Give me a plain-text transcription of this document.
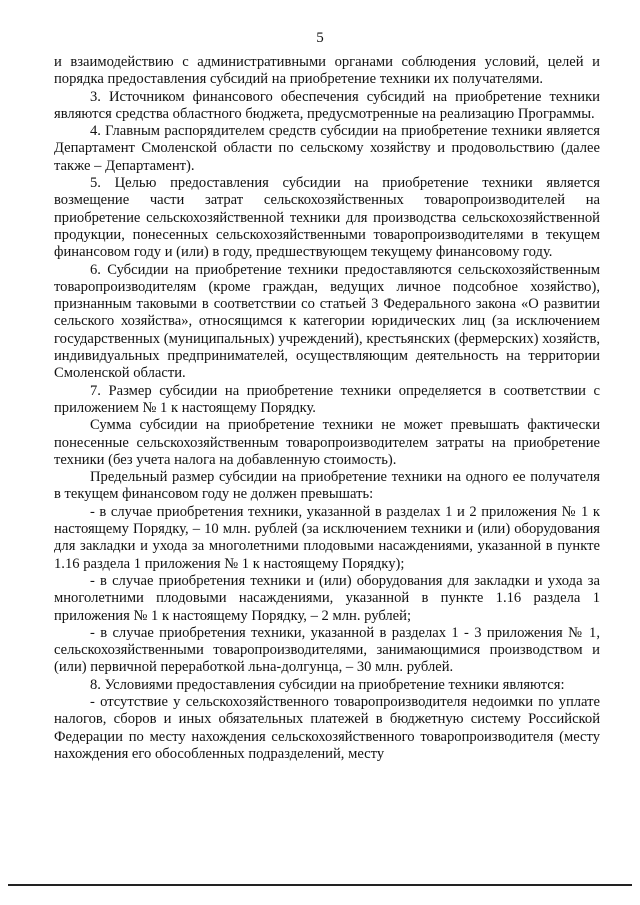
5

и взаимодействию с административными органами соблюдения условий, целей и порядка предоставления субсидий на приобретение техники их получателями.

3. Источником финансового обеспечения субсидий на приобретение техники являются средства областного бюджета, предусмотренные на реализацию Программы.

4. Главным распорядителем средств субсидии на приобретение техники является Департамент Смоленской области по сельскому хозяйству и продовольствию (далее также – Департамент).

5. Целью предоставления субсидии на приобретение техники является возмещение части затрат сельскохозяйственных товаропроизводителей на приобретение сельскохозяйственной техники для производства сельскохозяйственной продукции, понесенных сельскохозяйственными товаропроизводителями в текущем финансовом году и (или) в году, предшествующем текущему финансовому году.

6. Субсидии на приобретение техники предоставляются сельскохозяйственным товаропроизводителям (кроме граждан, ведущих личное подсобное хозяйство), признанным таковыми в соответствии со статьей 3 Федерального закона «О развитии сельского хозяйства», относящимся к категории юридических лиц (за исключением государственных (муниципальных) учреждений), крестьянских (фермерских) хозяйств, индивидуальных предпринимателей, осуществляющим деятельность на территории Смоленской области.

7. Размер субсидии на приобретение техники определяется в соответствии с приложением № 1 к настоящему Порядку.

Сумма субсидии на приобретение техники не может превышать фактически понесенные сельскохозяйственным товаропроизводителем затраты на приобретение техники (без учета налога на добавленную стоимость).

Предельный размер субсидии на приобретение техники на одного ее получателя в текущем финансовом году не должен превышать:

- в случае приобретения техники, указанной в разделах 1 и 2 приложения № 1 к настоящему Порядку, – 10 млн. рублей (за исключением техники и (или) оборудования для закладки и ухода за многолетними плодовыми насаждениями, указанной в пункте 1.16 раздела 1 приложения № 1 к настоящему Порядку);

- в случае приобретения техники и (или) оборудования для закладки и ухода за многолетними плодовыми насаждениями, указанной в пункте 1.16 раздела 1 приложения № 1 к настоящему Порядку, – 2 млн. рублей;

- в случае приобретения техники, указанной в разделах 1 - 3 приложения № 1, сельскохозяйственными товаропроизводителями, занимающимися производством и (или) первичной переработкой льна-долгунца, – 30 млн. рублей.

8. Условиями предоставления субсидии на приобретение техники являются:

- отсутствие у сельскохозяйственного товаропроизводителя недоимки по уплате налогов, сборов и иных обязательных платежей в бюджетную систему Российской Федерации по месту нахождения сельскохозяйственного товаропроизводителя (месту нахождения его обособленных подразделений, месту
